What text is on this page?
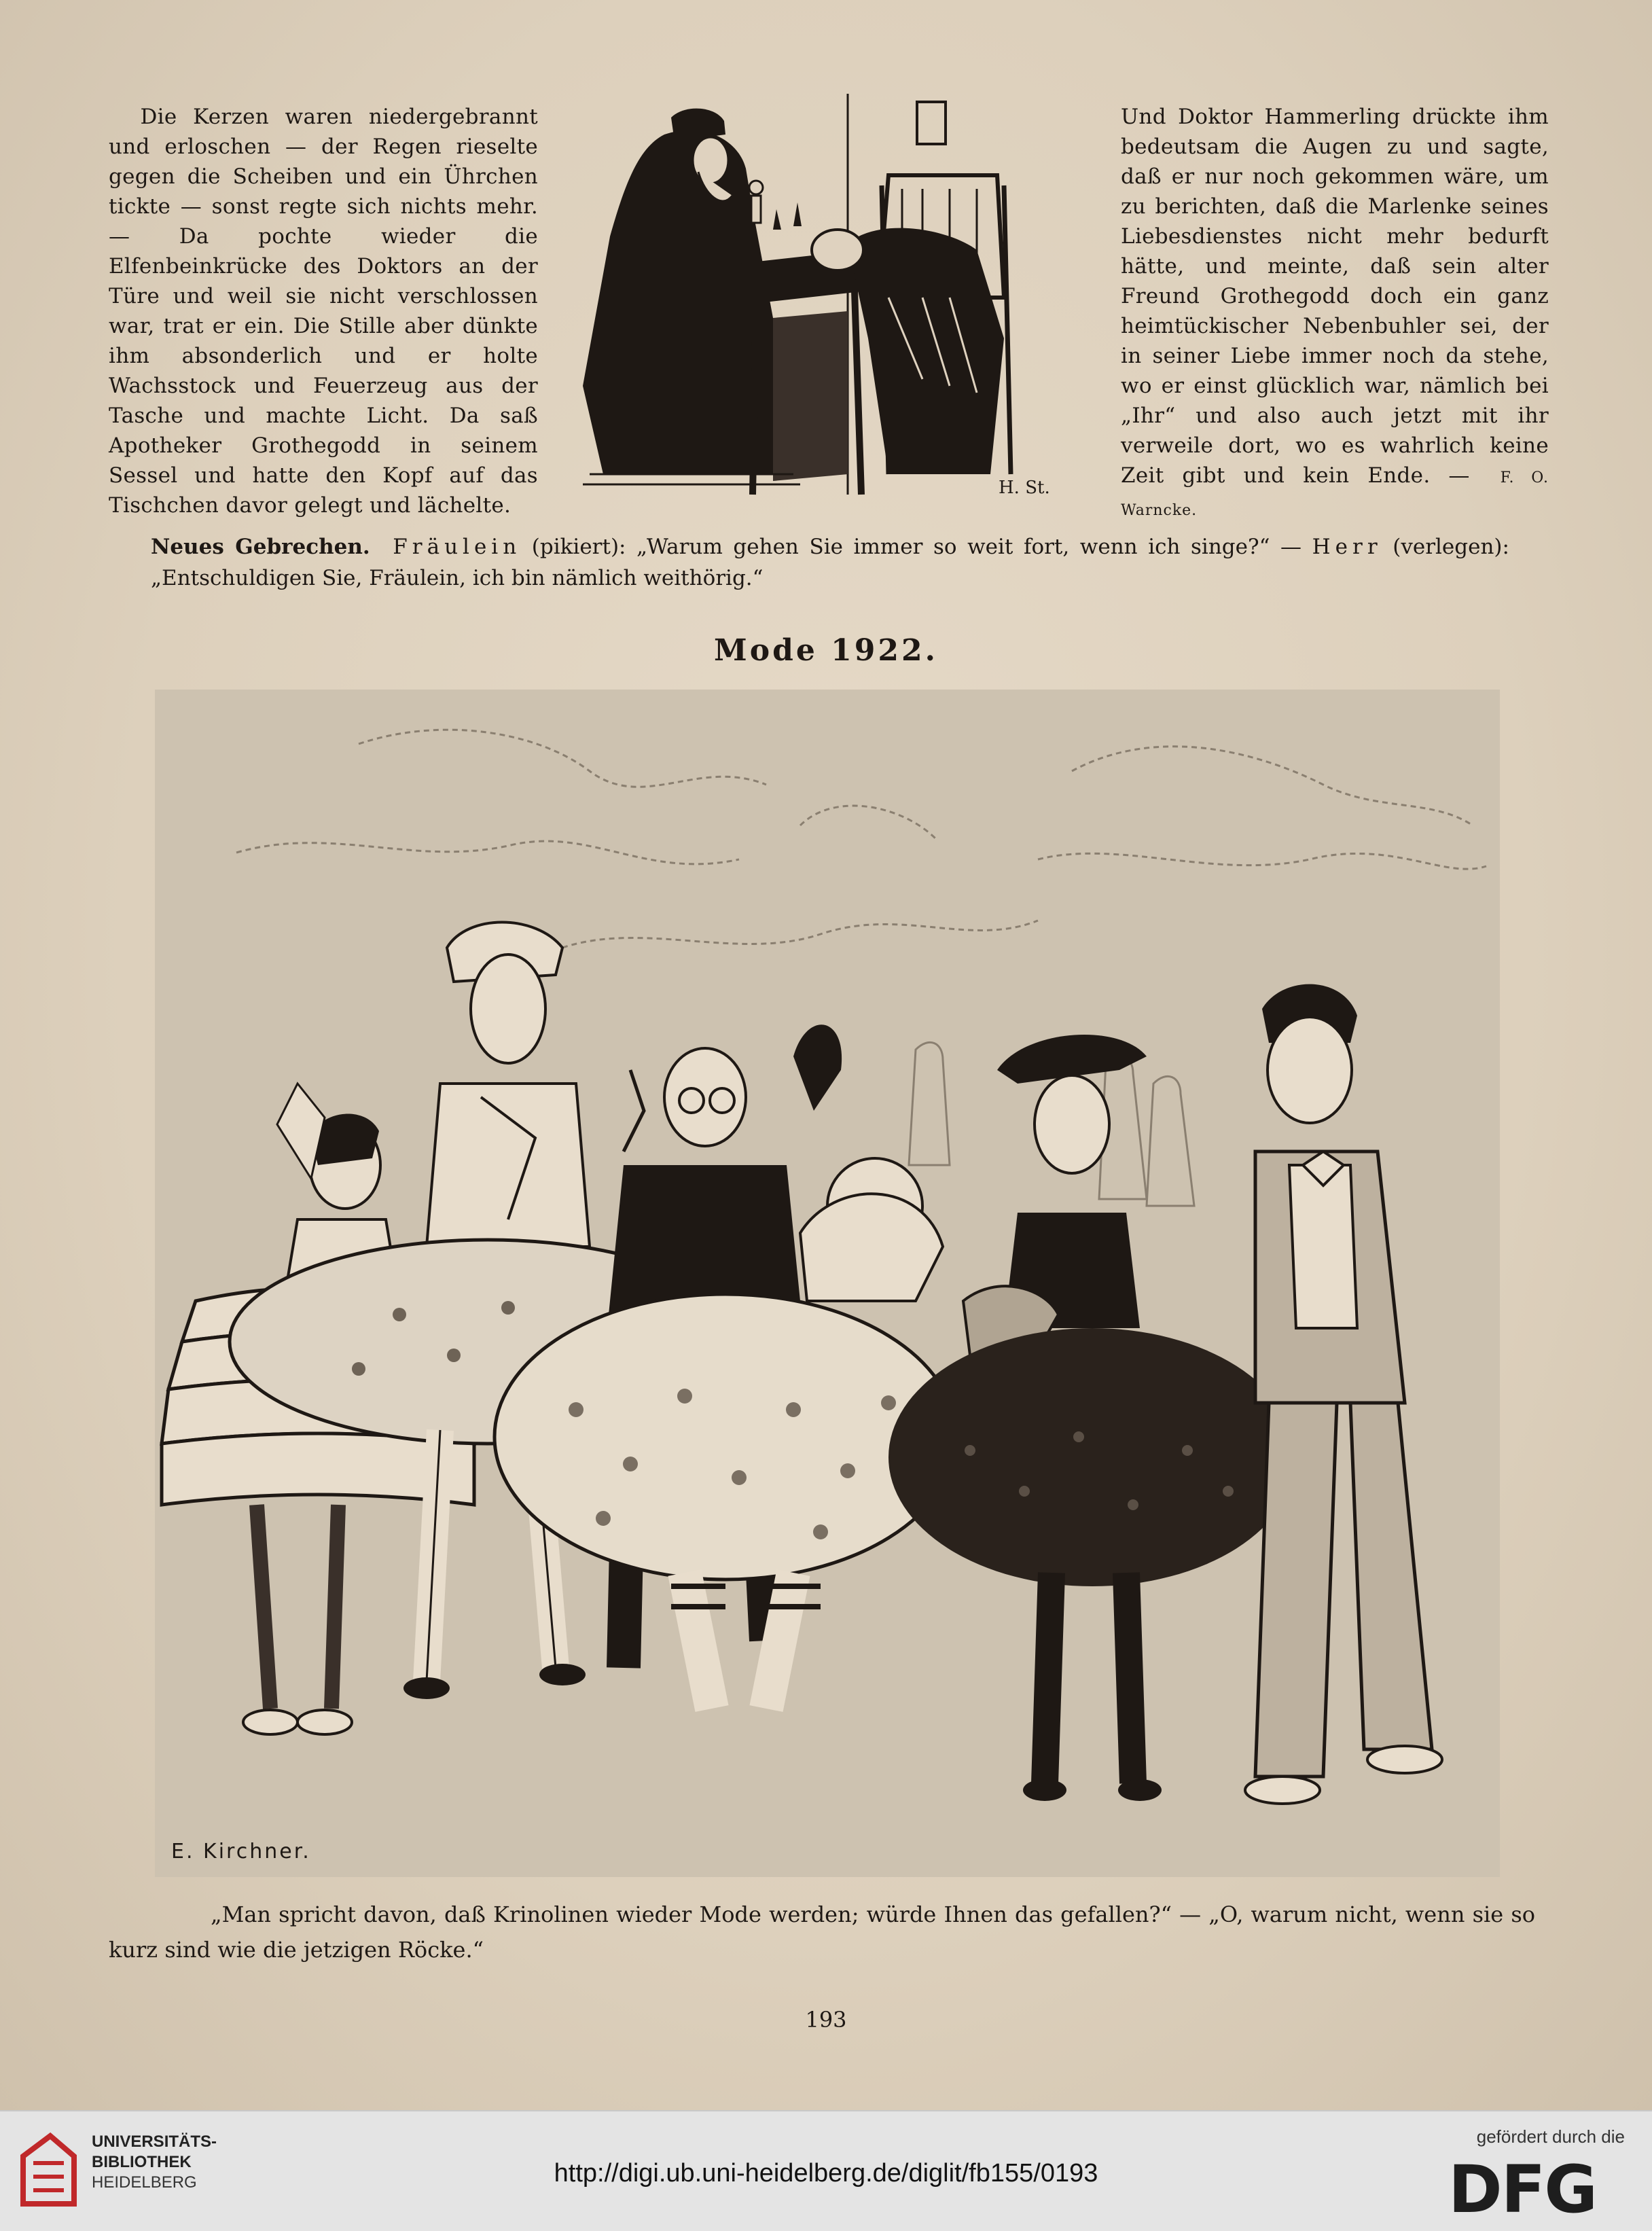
Die Kerzen waren niedergebrannt und erloschen — der Regen rieselte gegen die Scheiben und ein Ührchen tickte — sonst regte sich nichts mehr. — Da pochte wieder die Elfenbeinkrücke des Doktors an der Türe und weil sie nicht verschlossen war, trat er ein. Die Stille aber dünkte ihm absonderlich und er holte Wachsstock und Feuerzeug aus der Tasche und machte Licht. Da saß Apotheker Grothegodd in seinem Sessel und hatte den Kopf auf das Tischchen davor gelegt und lächelte.
H. St.
Und Doktor Hammerling drückte ihm bedeutsam die Augen zu und sagte, daß er nur noch gekommen wäre, um zu berichten, daß die Marlenke seines Liebesdienstes nicht mehr bedurft hätte, und meinte, daß sein alter Freund Grothegodd doch ein ganz heimtückischer Nebenbuhler sei, der in seiner Liebe immer noch da stehe, wo er einst glücklich war, nämlich bei „Ihr“ und also auch jetzt mit ihr verweile dort, wo es wahrlich keine Zeit gibt und kein Ende. — F. O. Warncke.
Neues Gebrechen. Fräulein (pikiert): „Warum gehen Sie immer so weit fort, wenn ich singe?“ — Herr (verlegen): „Entschuldigen Sie, Fräulein, ich bin nämlich weithörig.“
Mode 1922.
E. Kirchner.
„Man spricht davon, daß Krinolinen wieder Mode werden; würde Ihnen das gefallen?“ — „O, warum nicht, wenn sie so kurz sind wie die jetzigen Röcke.“
193
UNIVERSITÄTS-
BIBLIOTHEK
HEIDELBERG	http://digi.ub.uni-heidelberg.de/diglit/fb155/0193
gefördert durch die
DFG
